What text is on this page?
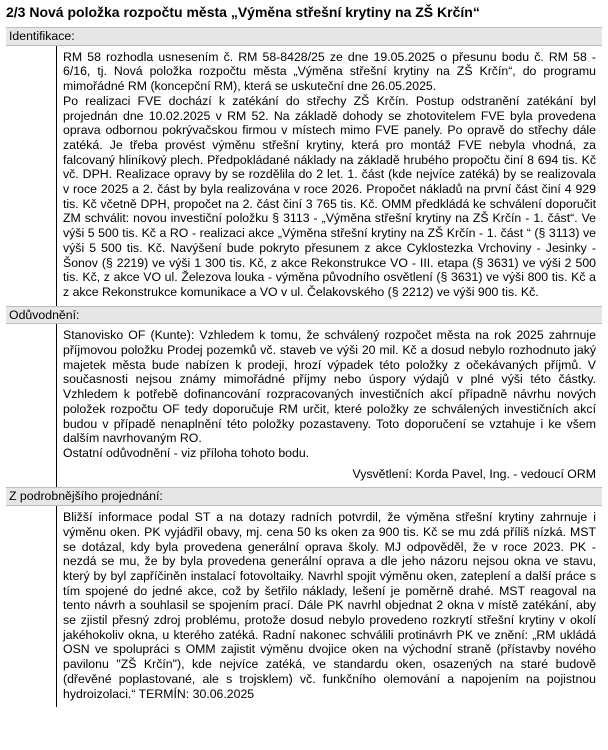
2/3 Nová položka rozpočtu města „Výměna střešní krytiny na ZŠ Krčín“
Identifikace:

RM 58 rozhodla usnesením č. RM 58-8428/25 ze dne 19.05.2025 o přesunu bodu č. RM 58 - 6/16, tj. Nová položka rozpočtu města „Výměna střešní krytiny na ZŠ Krčín“, do programu mimořádné RM (koncepční RM), která se uskuteční dne 26.05.2025.

Po realizaci FVE dochází k zatékání do střechy ZŠ Krčín. Postup odstranění zatékání byl projednán dne 10.02.2025 v RM 52. Na základě dohody se zhotovitelem FVE byla provedena oprava odbornou pokrývačskou firmou v místech mimo FVE panely. Po opravě do střechy dále zatéká. Je třeba provést výměnu střešní krytiny, která pro montáž FVE nebyla vhodná, za falcovaný hliníkový plech. Předpokládané náklady na základě hrubého propočtu činí 8 694 tis. Kč vč. DPH. Realizace opravy by se rozdělila do 2 let. 1. část (kde nejvíce zatéká) by se realizovala v roce 2025 a 2. část by byla realizována v roce 2026. Propočet nákladů na první část činí 4 929 tis. Kč včetně DPH, propočet na 2. část činí 3 765 tis. Kč. OMM předkládá ke schválení doporučit ZM schválit: novou investiční položku § 3113 - „Výměna střešní krytiny na ZŠ Krčín - 1. část“. Ve výši 5 500 tis. Kč a RO - realizaci akce „Výměna střešní krytiny na ZŠ Krčín - 1. část “ (§ 3113) ve výši 5 500 tis. Kč. Navýšení bude pokryto přesunem z akce Cyklostezka Vrchoviny - Jesinky - Šonov (§ 2219) ve výši 1 300 tis. Kč, z akce Rekonstrukce VO - III. etapa (§ 3631) ve výši 2 500 tis. Kč, z akce VO ul. Železova louka - výměna původního osvětlení (§ 3631) ve výši 800 tis. Kč a z akce Rekonstrukce komunikace a VO v ul. Čelakovského (§ 2212) ve výši 900 tis. Kč.

Odůvodnění:

Stanovisko OF (Kunte): Vzhledem k tomu, že schválený rozpočet města na rok 2025 zahrnuje příjmovou položku Prodej pozemků vč. staveb ve výši 20 mil. Kč a dosud nebylo rozhodnuto jaký majetek města bude nabízen k prodeji, hrozí výpadek této položky z očekávaných příjmů. V současnosti nejsou známy mimořádné příjmy nebo úspory výdajů v plné výši této částky. Vzhledem k potřebě dofinancování rozpracovaných investičních akcí případně návrhu nových položek rozpočtu OF tedy doporučuje RM určit, které položky ze schválených investičních akcí budou v případě nenaplnění této položky pozastaveny. Toto doporučení se vztahuje i ke všem dalším navrhovaným RO.

Ostatní odůvodnění - viz příloha tohoto bodu.

Vysvětlení: Korda Pavel, Ing. - vedoucí ORM
Z podrobnějšího projednání:

Bližší informace podal ST a na dotazy radních potvrdil, že výměna střešní krytiny zahrnuje i výměnu oken. PK vyjádřil obavy, mj. cena 50 ks oken za 900 tis. Kč se mu zdá příliš nízká. MST se dotázal, kdy byla provedena generální oprava školy. MJ odpověděl, že v roce 2023. PK - nezdá se mu, že by byla provedena generální oprava a dle jeho názoru nejsou okna ve stavu, který by byl zapříčiněn instalací fotovoltaiky. Navrhl spojit výměnu oken, zateplení a další práce s tím spojené do jedné akce, což by šetřilo náklady, lešení je poměrně drahé. MST reagoval na tento návrh a souhlasil se spojením prací. Dále PK navrhl objednat 2 okna v místě zatékání, aby se zjistil přesný zdroj problému, protože dosud nebylo provedeno rozkrytí střešní krytiny v okolí jakéhokoliv okna, u kterého zatéká. Radní nakonec schválili protinávrh PK ve znění: „RM ukládá OSN ve spolupráci s OMM zajistit výměnu dvojice oken na východní straně (přístavby nového pavilonu "ZŠ Krčín"), kde nejvíce zatéká, ve standardu oken, osazených na staré budově (dřevěné poplastované, ale s trojsklem) vč. funkčního olemování a napojením na pojistnou hydroizolaci.“ TERMÍN: 30.06.2025
